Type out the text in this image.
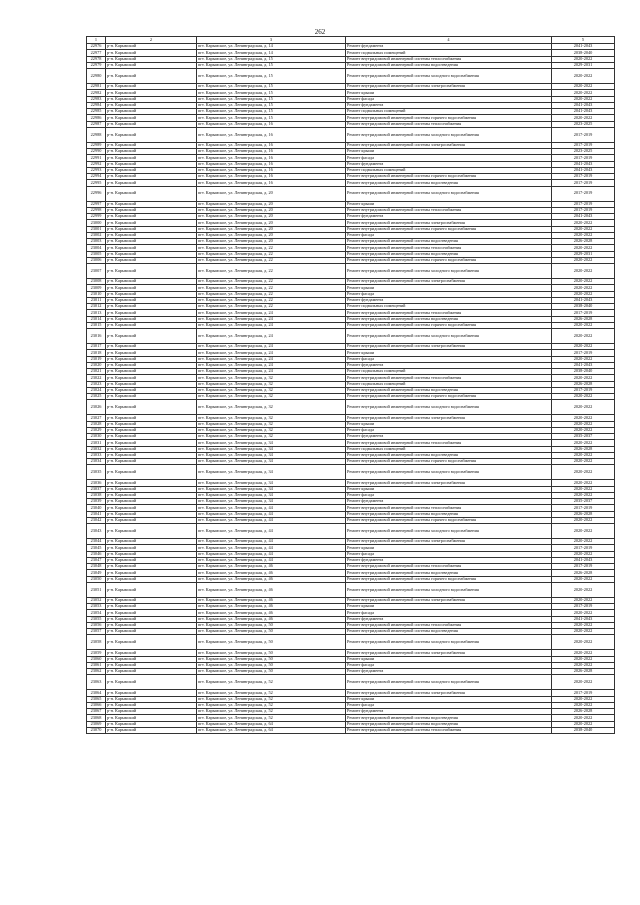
262
1	2	3	4	5
22976	р-н. Карымский	пгт. Карымское, ул. Ленинградская, д. 14	Ремонт фундамента	2041-2043
22977	р-н. Карымский	пгт. Карымское, ул. Ленинградская, д. 14	Ремонт подвальных помещений	2038-2040
22978	р-н. Карымский	пгт. Карымское, ул. Ленинградская, д. 15	Ремонт внутридомовой инженерной системы теплоснабжения	2020-2022
22979	р-н. Карымский	пгт. Карымское, ул. Ленинградская, д. 15	Ремонт внутридомовой инженерной системы водоотведения	2029-2031
22980	р-н. Карымский	пгт. Карымское, ул. Ленинградская, д. 15	Ремонт внутридомовой инженерной системы холодного водоснабжения	2020-2022
22981	р-н. Карымский	пгт. Карымское, ул. Ленинградская, д. 15	Ремонт внутридомовой инженерной системы электроснабжения	2020-2022
22982	р-н. Карымский	пгт. Карымское, ул. Ленинградская, д. 15	Ремонт крыши	2020-2022
22983	р-н. Карымский	пгт. Карымское, ул. Ленинградская, д. 15	Ремонт фасада	2020-2022
22984	р-н. Карымский	пгт. Карымское, ул. Ленинградская, д. 15	Ремонт фундамента	2041-2043
22985	р-н. Карымский	пгт. Карымское, ул. Ленинградская, д. 15	Ремонт подвальных помещений	2041-2043
22986	р-н. Карымский	пгт. Карымское, ул. Ленинградская, д. 15	Ремонт внутридомовой инженерной системы горячего водоснабжения	2020-2022
22987	р-н. Карымский	пгт. Карымское, ул. Ленинградская, д. 16	Ремонт внутридомовой инженерной системы теплоснабжения	2023-2025
22988	р-н. Карымский	пгт. Карымское, ул. Ленинградская, д. 16	Ремонт внутридомовой инженерной системы холодного водоснабжения	2017-2019
22989	р-н. Карымский	пгт. Карымское, ул. Ленинградская, д. 16	Ремонт внутридомовой инженерной системы электроснабжения	2017-2019
22990	р-н. Карымский	пгт. Карымское, ул. Ленинградская, д. 16	Ремонт крыши	2023-2025
22991	р-н. Карымский	пгт. Карымское, ул. Ленинградская, д. 16	Ремонт фасада	2017-2019
22992	р-н. Карымский	пгт. Карымское, ул. Ленинградская, д. 16	Ремонт фундамента	2041-2043
22993	р-н. Карымский	пгт. Карымское, ул. Ленинградская, д. 16	Ремонт подвальных помещений	2041-2043
22994	р-н. Карымский	пгт. Карымское, ул. Ленинградская, д. 16	Ремонт внутридомовой инженерной системы горячего водоснабжения	2017-2019
22995	р-н. Карымский	пгт. Карымское, ул. Ленинградская, д. 16	Ремонт внутридомовой инженерной системы водоотведения	2017-2019
22996	р-н. Карымский	пгт. Карымское, ул. Ленинградская, д. 20	Ремонт внутридомовой инженерной системы холодного водоснабжения	2017-2019
22997	р-н. Карымский	пгт. Карымское, ул. Ленинградская, д. 20	Ремонт крыши	2017-2019
22998	р-н. Карымский	пгт. Карымское, ул. Ленинградская, д. 20	Ремонт внутридомовой инженерной системы теплоснабжения	2017-2019
22999	р-н. Карымский	пгт. Карымское, ул. Ленинградская, д. 20	Ремонт фундамента	2041-2043
23000	р-н. Карымский	пгт. Карымское, ул. Ленинградская, д. 20	Ремонт внутридомовой инженерной системы электроснабжения	2020-2022
23001	р-н. Карымский	пгт. Карымское, ул. Ленинградская, д. 20	Ремонт внутридомовой инженерной системы горячего водоснабжения	2020-2022
23002	р-н. Карымский	пгт. Карымское, ул. Ленинградская, д. 20	Ремонт фасада	2020-2022
23003	р-н. Карымский	пгт. Карымское, ул. Ленинградская, д. 20	Ремонт внутридомовой инженерной системы водоотведения	2026-2028
23004	р-н. Карымский	пгт. Карымское, ул. Ленинградская, д. 22	Ремонт внутридомовой инженерной системы теплоснабжения	2020-2022
23005	р-н. Карымский	пгт. Карымское, ул. Ленинградская, д. 22	Ремонт внутридомовой инженерной системы водоотведения	2029-2031
23006	р-н. Карымский	пгт. Карымское, ул. Ленинградская, д. 22	Ремонт внутридомовой инженерной системы горячего водоснабжения	2020-2022
23007	р-н. Карымский	пгт. Карымское, ул. Ленинградская, д. 22	Ремонт внутридомовой инженерной системы холодного водоснабжения	2020-2022
23008	р-н. Карымский	пгт. Карымское, ул. Ленинградская, д. 22	Ремонт внутридомовой инженерной системы электроснабжения	2020-2022
23009	р-н. Карымский	пгт. Карымское, ул. Ленинградская, д. 22	Ремонт крыши	2020-2022
23010	р-н. Карымский	пгт. Карымское, ул. Ленинградская, д. 22	Ремонт фасада	2020-2022
23011	р-н. Карымский	пгт. Карымское, ул. Ленинградская, д. 22	Ремонт фундамента	2041-2043
23012	р-н. Карымский	пгт. Карымское, ул. Ленинградская, д. 22	Ремонт подвальных помещений	2038-2040
23013	р-н. Карымский	пгт. Карымское, ул. Ленинградская, д. 24	Ремонт внутридомовой инженерной системы теплоснабжения	2017-2019
23014	р-н. Карымский	пгт. Карымское, ул. Ленинградская, д. 24	Ремонт внутридомовой инженерной системы водоотведения	2026-2028
23015	р-н. Карымский	пгт. Карымское, ул. Ленинградская, д. 24	Ремонт внутридомовой инженерной системы горячего водоснабжения	2020-2022
23016	р-н. Карымский	пгт. Карымское, ул. Ленинградская, д. 24	Ремонт внутридомовой инженерной системы холодного водоснабжения	2020-2022
23017	р-н. Карымский	пгт. Карымское, ул. Ленинградская, д. 24	Ремонт внутридомовой инженерной системы электроснабжения	2020-2022
23018	р-н. Карымский	пгт. Карымское, ул. Ленинградская, д. 24	Ремонт крыши	2017-2019
23019	р-н. Карымский	пгт. Карымское, ул. Ленинградская, д. 24	Ремонт фасада	2020-2022
23020	р-н. Карымский	пгт. Карымское, ул. Ленинградская, д. 24	Ремонт фундамента	2041-2043
23021	р-н. Карымский	пгт. Карымское, ул. Ленинградская, д. 24	Ремонт подвальных помещений	2038-2040
23022	р-н. Карымский	пгт. Карымское, ул. Ленинградская, д. 32	Ремонт внутридомовой инженерной системы теплоснабжения	2020-2022
23023	р-н. Карымский	пгт. Карымское, ул. Ленинградская, д. 32	Ремонт подвальных помещений	2026-2028
23024	р-н. Карымский	пгт. Карымское, ул. Ленинградская, д. 32	Ремонт внутридомовой инженерной системы водоотведения	2017-2019
23025	р-н. Карымский	пгт. Карымское, ул. Ленинградская, д. 32	Ремонт внутридомовой инженерной системы горячего водоснабжения	2020-2022
23026	р-н. Карымский	пгт. Карымское, ул. Ленинградская, д. 32	Ремонт внутридомовой инженерной системы холодного водоснабжения	2020-2022
23027	р-н. Карымский	пгт. Карымское, ул. Ленинградская, д. 32	Ремонт внутридомовой инженерной системы электроснабжения	2020-2022
23028	р-н. Карымский	пгт. Карымское, ул. Ленинградская, д. 32	Ремонт крыши	2020-2022
23029	р-н. Карымский	пгт. Карымское, ул. Ленинградская, д. 32	Ремонт фасада	2020-2022
23030	р-н. Карымский	пгт. Карымское, ул. Ленинградская, д. 32	Ремонт фундамента	2035-2037
23031	р-н. Карымский	пгт. Карымское, ул. Ленинградская, д. 34	Ремонт внутридомовой инженерной системы теплоснабжения	2020-2022
23032	р-н. Карымский	пгт. Карымское, ул. Ленинградская, д. 34	Ремонт подвальных помещений	2026-2028
23033	р-н. Карымский	пгт. Карымское, ул. Ленинградская, д. 34	Ремонт внутридомовой инженерной системы водоотведения	2020-2022
23034	р-н. Карымский	пгт. Карымское, ул. Ленинградская, д. 34	Ремонт внутридомовой инженерной системы горячего водоснабжения	2020-2022
23035	р-н. Карымский	пгт. Карымское, ул. Ленинградская, д. 34	Ремонт внутридомовой инженерной системы холодного водоснабжения	2020-2022
23036	р-н. Карымский	пгт. Карымское, ул. Ленинградская, д. 34	Ремонт внутридомовой инженерной системы электроснабжения	2020-2022
23037	р-н. Карымский	пгт. Карымское, ул. Ленинградская, д. 34	Ремонт крыши	2020-2022
23038	р-н. Карымский	пгт. Карымское, ул. Ленинградская, д. 34	Ремонт фасада	2020-2022
23039	р-н. Карымский	пгт. Карымское, ул. Ленинградская, д. 34	Ремонт фундамента	2035-2037
23040	р-н. Карымский	пгт. Карымское, ул. Ленинградская, д. 44	Ремонт внутридомовой инженерной системы теплоснабжения	2017-2019
23041	р-н. Карымский	пгт. Карымское, ул. Ленинградская, д. 44	Ремонт внутридомовой инженерной системы водоотведения	2026-2028
23042	р-н. Карымский	пгт. Карымское, ул. Ленинградская, д. 44	Ремонт внутридомовой инженерной системы горячего водоснабжения	2020-2022
23043	р-н. Карымский	пгт. Карымское, ул. Ленинградская, д. 44	Ремонт внутридомовой инженерной системы холодного водоснабжения	2020-2022
23044	р-н. Карымский	пгт. Карымское, ул. Ленинградская, д. 44	Ремонт внутридомовой инженерной системы электроснабжения	2020-2022
23045	р-н. Карымский	пгт. Карымское, ул. Ленинградская, д. 44	Ремонт крыши	2017-2019
23046	р-н. Карымский	пгт. Карымское, ул. Ленинградская, д. 44	Ремонт фасада	2020-2022
23047	р-н. Карымский	пгт. Карымское, ул. Ленинградская, д. 44	Ремонт фундамента	2041-2043
23048	р-н. Карымский	пгт. Карымское, ул. Ленинградская, д. 46	Ремонт внутридомовой инженерной системы теплоснабжения	2017-2019
23049	р-н. Карымский	пгт. Карымское, ул. Ленинградская, д. 46	Ремонт внутридомовой инженерной системы водоотведения	2026-2028
23050	р-н. Карымский	пгт. Карымское, ул. Ленинградская, д. 46	Ремонт внутридомовой инженерной системы горячего водоснабжения	2020-2022
23051	р-н. Карымский	пгт. Карымское, ул. Ленинградская, д. 46	Ремонт внутридомовой инженерной системы холодного водоснабжения	2020-2022
23052	р-н. Карымский	пгт. Карымское, ул. Ленинградская, д. 46	Ремонт внутридомовой инженерной системы электроснабжения	2020-2022
23053	р-н. Карымский	пгт. Карымское, ул. Ленинградская, д. 46	Ремонт крыши	2017-2019
23054	р-н. Карымский	пгт. Карымское, ул. Ленинградская, д. 46	Ремонт фасада	2020-2022
23055	р-н. Карымский	пгт. Карымское, ул. Ленинградская, д. 46	Ремонт фундамента	2041-2043
23056	р-н. Карымский	пгт. Карымское, ул. Ленинградская, д. 50	Ремонт внутридомовой инженерной системы теплоснабжения	2020-2022
23057	р-н. Карымский	пгт. Карымское, ул. Ленинградская, д. 50	Ремонт внутридомовой инженерной системы водоотведения	2020-2022
23058	р-н. Карымский	пгт. Карымское, ул. Ленинградская, д. 50	Ремонт внутридомовой инженерной системы холодного водоснабжения	2020-2022
23059	р-н. Карымский	пгт. Карымское, ул. Ленинградская, д. 50	Ремонт внутридомовой инженерной системы электроснабжения	2020-2022
23060	р-н. Карымский	пгт. Карымское, ул. Ленинградская, д. 50	Ремонт крыши	2020-2022
23061	р-н. Карымский	пгт. Карымское, ул. Ленинградская, д. 50	Ремонт фасада	2020-2022
23062	р-н. Карымский	пгт. Карымское, ул. Ленинградская, д. 50	Ремонт фундамента	2026-2028
23063	р-н. Карымский	пгт. Карымское, ул. Ленинградская, д. 52	Ремонт внутридомовой инженерной системы холодного водоснабжения	2020-2022
23064	р-н. Карымский	пгт. Карымское, ул. Ленинградская, д. 52	Ремонт внутридомовой инженерной системы электроснабжения	2017-2019
23065	р-н. Карымский	пгт. Карымское, ул. Ленинградская, д. 52	Ремонт крыши	2020-2022
23066	р-н. Карымский	пгт. Карымское, ул. Ленинградская, д. 52	Ремонт фасада	2020-2022
23067	р-н. Карымский	пгт. Карымское, ул. Ленинградская, д. 52	Ремонт фундамента	2026-2028
23068	р-н. Карымский	пгт. Карымское, ул. Ленинградская, д. 52	Ремонт внутридомовой инженерной системы водоотведения	2020-2022
23069	р-н. Карымский	пгт. Карымское, ул. Ленинградская, д. 64	Ремонт внутридомовой инженерной системы водоотведения	2020-2022
23070	р-н. Карымский	пгт. Карымское, ул. Ленинградская, д. 64	Ремонт внутридомовой инженерной системы теплоснабжения	2038-2040
